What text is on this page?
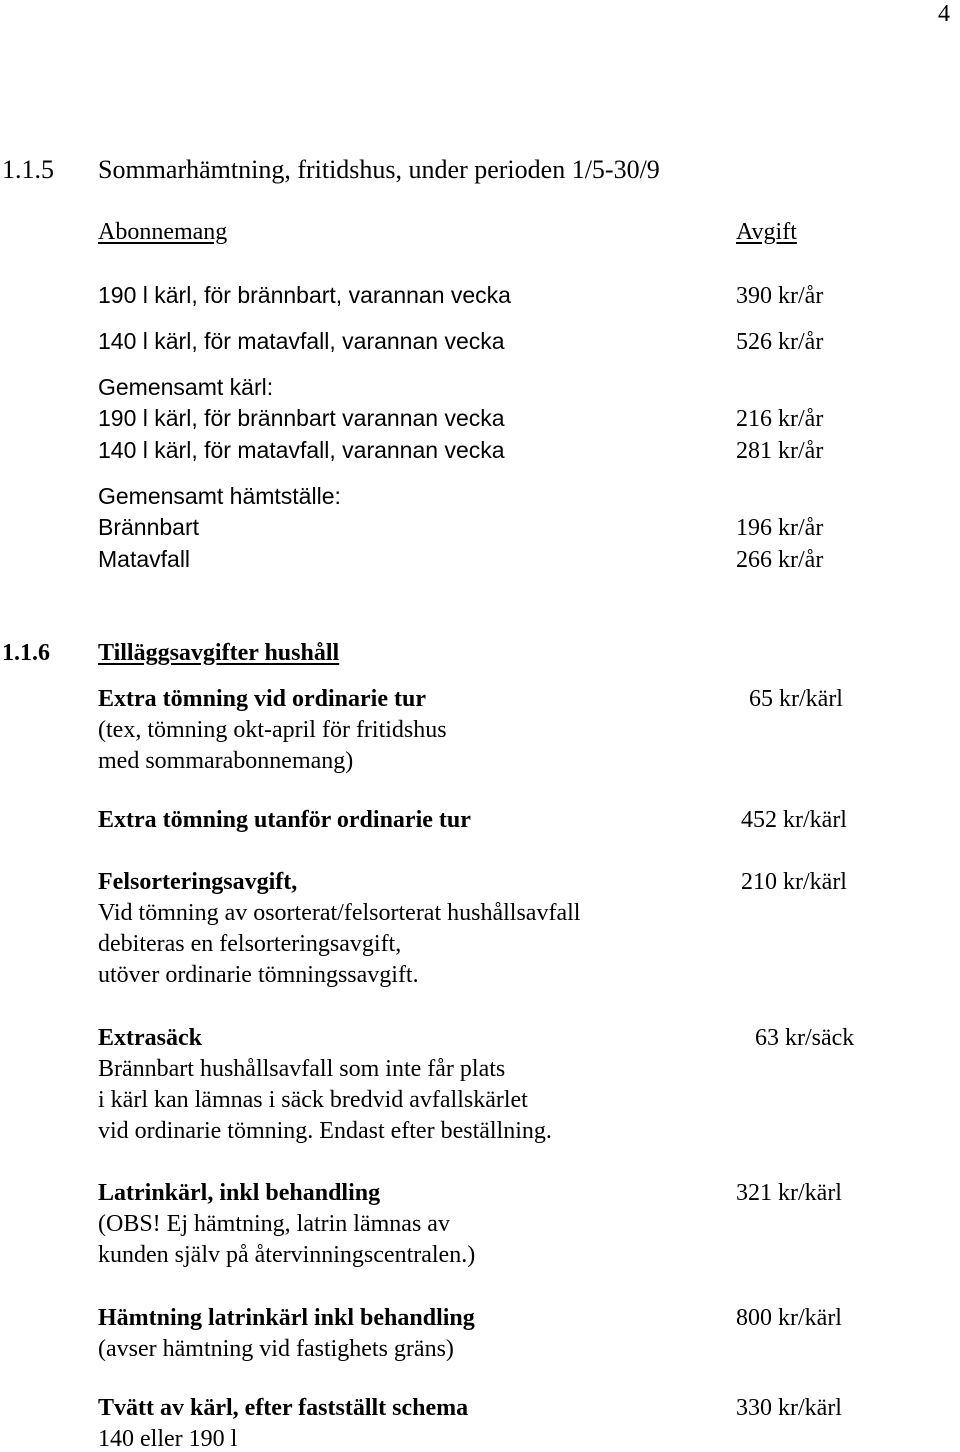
4
1.1.5 Sommarhämtning, fritidshus, under perioden 1/5-30/9
Abonnemang	Avgift
190 l kärl, för brännbart, varannan vecka	390 kr/år
140 l kärl, för matavfall, varannan vecka	526 kr/år
Gemensamt kärl:
190 l kärl, för brännbart varannan vecka	216 kr/år
140 l kärl, för matavfall, varannan vecka	281 kr/år
Gemensamt hämtställe:
Brännbart	196 kr/år
Matavfall	266 kr/år
1.1.6 Tilläggsavgifter hushåll
Extra tömning vid ordinarie tur	65 kr/kärl
(tex, tömning okt-april för fritidshus
med sommarabonnemang)
Extra tömning utanför ordinarie tur	452 kr/kärl
Felsorteringsavgift,	210 kr/kärl
Vid tömning av osorterat/felsorterat hushållsavfall
debiteras en felsorteringsavgift,
utöver ordinarie tömningssavgift.
Extrasäck	63 kr/säck
Brännbart hushållsavfall som inte får plats
i kärl kan lämnas i säck bredvid avfallskärlet
vid ordinarie tömning. Endast efter beställning.
Latrinkärl, inkl behandling	321 kr/kärl
(OBS! Ej hämtning, latrin lämnas av
kunden själv på återvinningscentralen.)
Hämtning latrinkärl inkl behandling	800 kr/kärl
(avser hämtning vid fastighets gräns)
Tvätt av kärl, efter fastställt schema	330 kr/kärl
140 eller 190 l
